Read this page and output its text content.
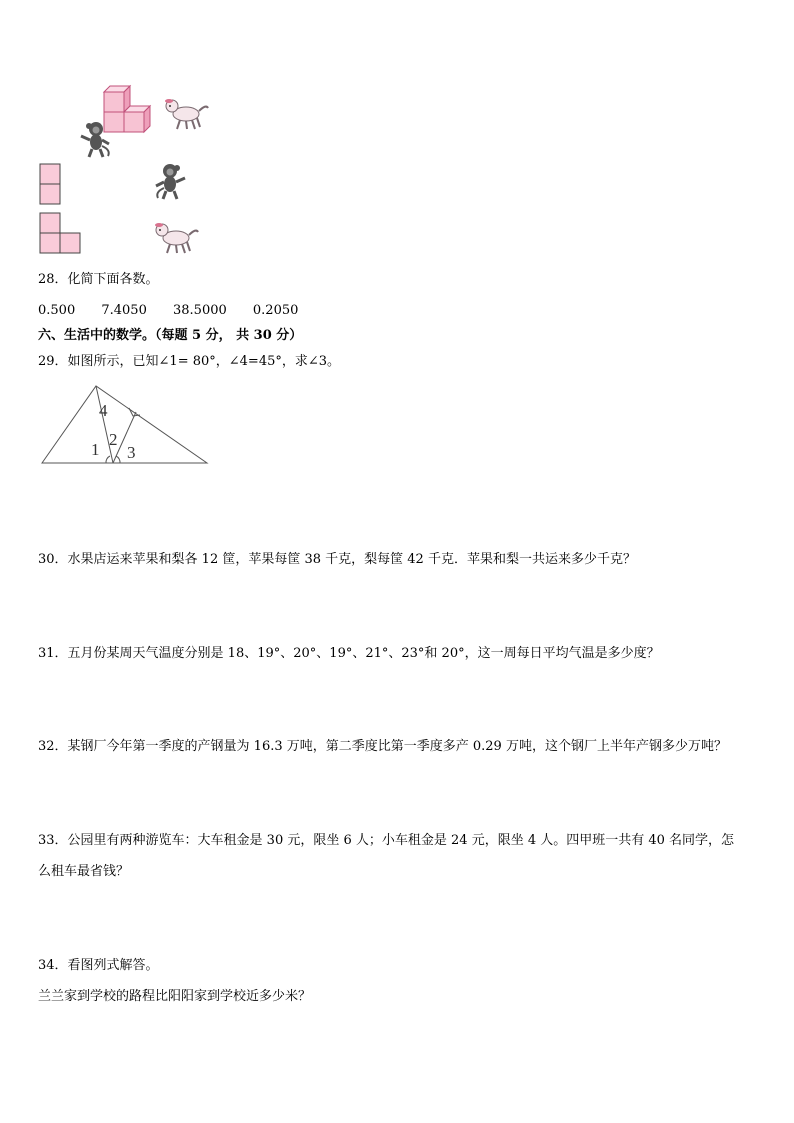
28．化简下面各数。
0.500 7.4050 38.5000 0.2050
六、生活中的数学。（每题 5 分， 共 30 分）
29．如图所示，已知∠1= 80°，∠4=45°，求∠3。
4
1
2
3
30．水果店运来苹果和梨各 12 筐，苹果每筐 38 千克，梨每筐 42 千克．苹果和梨一共运来多少千克？
31．五月份某周天气温度分别是 18、19°、20°、19°、21°、23°和 20°，这一周每日平均气温是多少度？
32．某钢厂今年第一季度的产钢量为 16.3 万吨，第二季度比第一季度多产 0.29 万吨，这个钢厂上半年产钢多少万吨？
33．公园里有两种游览车：大车租金是 30 元，限坐 6 人；小车租金是 24 元，限坐 4 人。四甲班一共有 40 名同学，怎
么租车最省钱？
34．看图列式解答。
兰兰家到学校的路程比阳阳家到学校近多少米？
